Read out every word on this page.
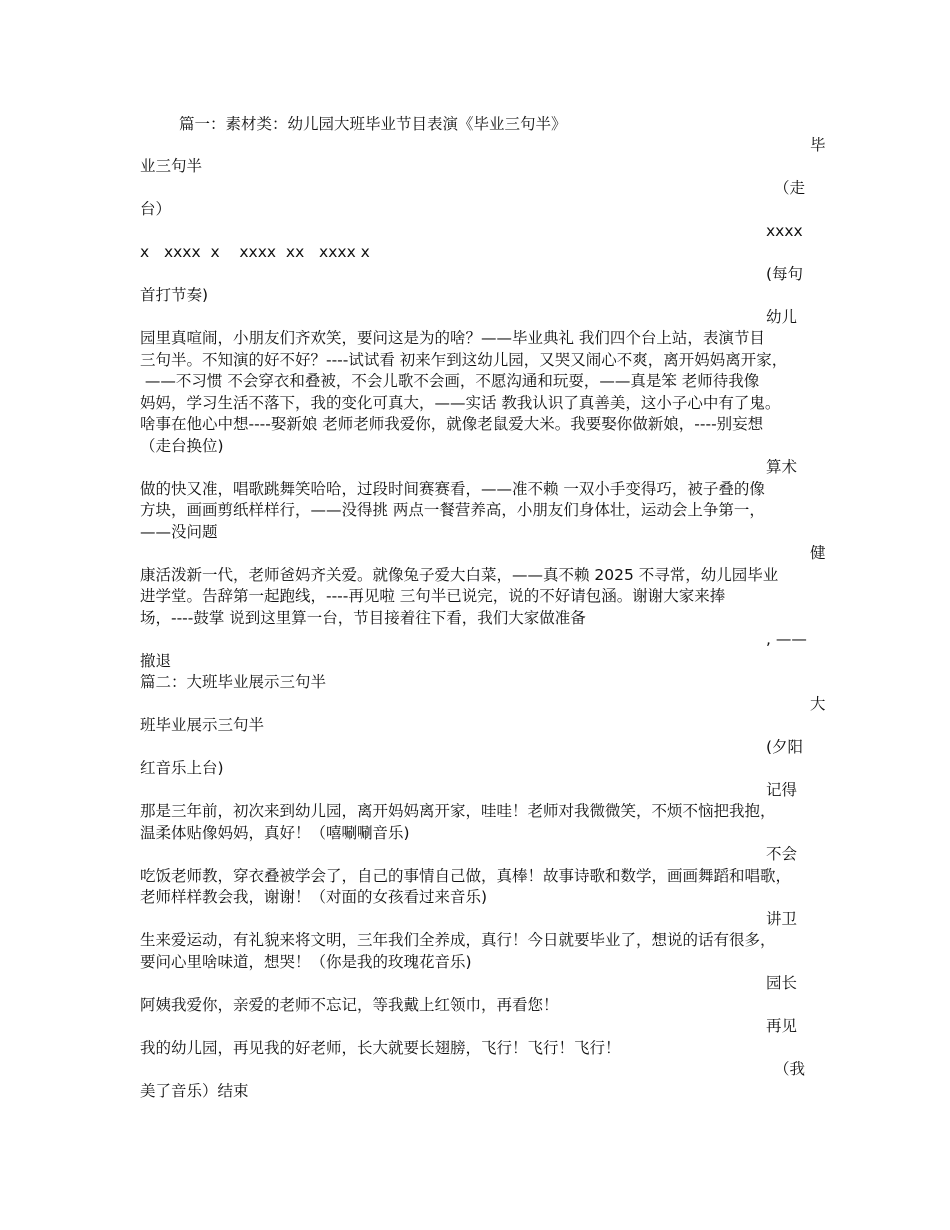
篇一：素材类：幼儿园大班毕业节目表演《毕业三句半》
毕
业三句半
（走
台）
xxxx
x   xxxx  x    xxxx  xx   xxxx x
(每句
首打节奏)
幼儿
园里真喧闹，小朋友们齐欢笑，要问这是为的啥？——毕业典礼 我们四个台上站，表演节目
三句半。不知演的好不好？----试试看 初来乍到这幼儿园，又哭又闹心不爽，离开妈妈离开家，
——不习惯 不会穿衣和叠被，不会儿歌不会画，不愿沟通和玩耍，——真是笨 老师待我像
妈妈，学习生活不落下，我的变化可真大，——实话 教我认识了真善美，这小子心中有了鬼。
啥事在他心中想----娶新娘 老师老师我爱你，就像老鼠爱大米。我要娶你做新娘，----别妄想
（走台换位)
算术
做的快又准，唱歌跳舞笑哈哈，过段时间赛赛看，——准不赖 一双小手变得巧，被子叠的像
方块，画画剪纸样样行，——没得挑 两点一餐营养高，小朋友们身体壮，运动会上争第一，
——没问题
健
康活泼新一代，老师爸妈齐关爱。就像兔子爱大白菜，——真不赖 2025 不寻常，幼儿园毕业
进学堂。告辞第一起跑线，----再见啦 三句半已说完，说的不好请包涵。谢谢大家来捧
场，----鼓掌 说到这里算一台，节目接着往下看，我们大家做准备
, ——
撤退
篇二：大班毕业展示三句半
大
班毕业展示三句半
(夕阳
红音乐上台)
记得
那是三年前，初次来到幼儿园，离开妈妈离开家，哇哇！老师对我微微笑，不烦不恼把我抱，
温柔体贴像妈妈，真好！（嘻唰唰音乐)
不会
吃饭老师教，穿衣叠被学会了，自己的事情自己做，真棒！故事诗歌和数学，画画舞蹈和唱歌，
老师样样教会我，谢谢！（对面的女孩看过来音乐)
讲卫
生来爱运动，有礼貌来将文明，三年我们全养成，真行！今日就要毕业了，想说的话有很多，
要问心里啥味道，想哭！（你是我的玫瑰花音乐)
园长
阿姨我爱你，亲爱的老师不忘记，等我戴上红领巾，再看您！
再见
我的幼儿园，再见我的好老师，长大就要长翅膀，飞行！飞行！飞行！
（我
美了音乐）结束
